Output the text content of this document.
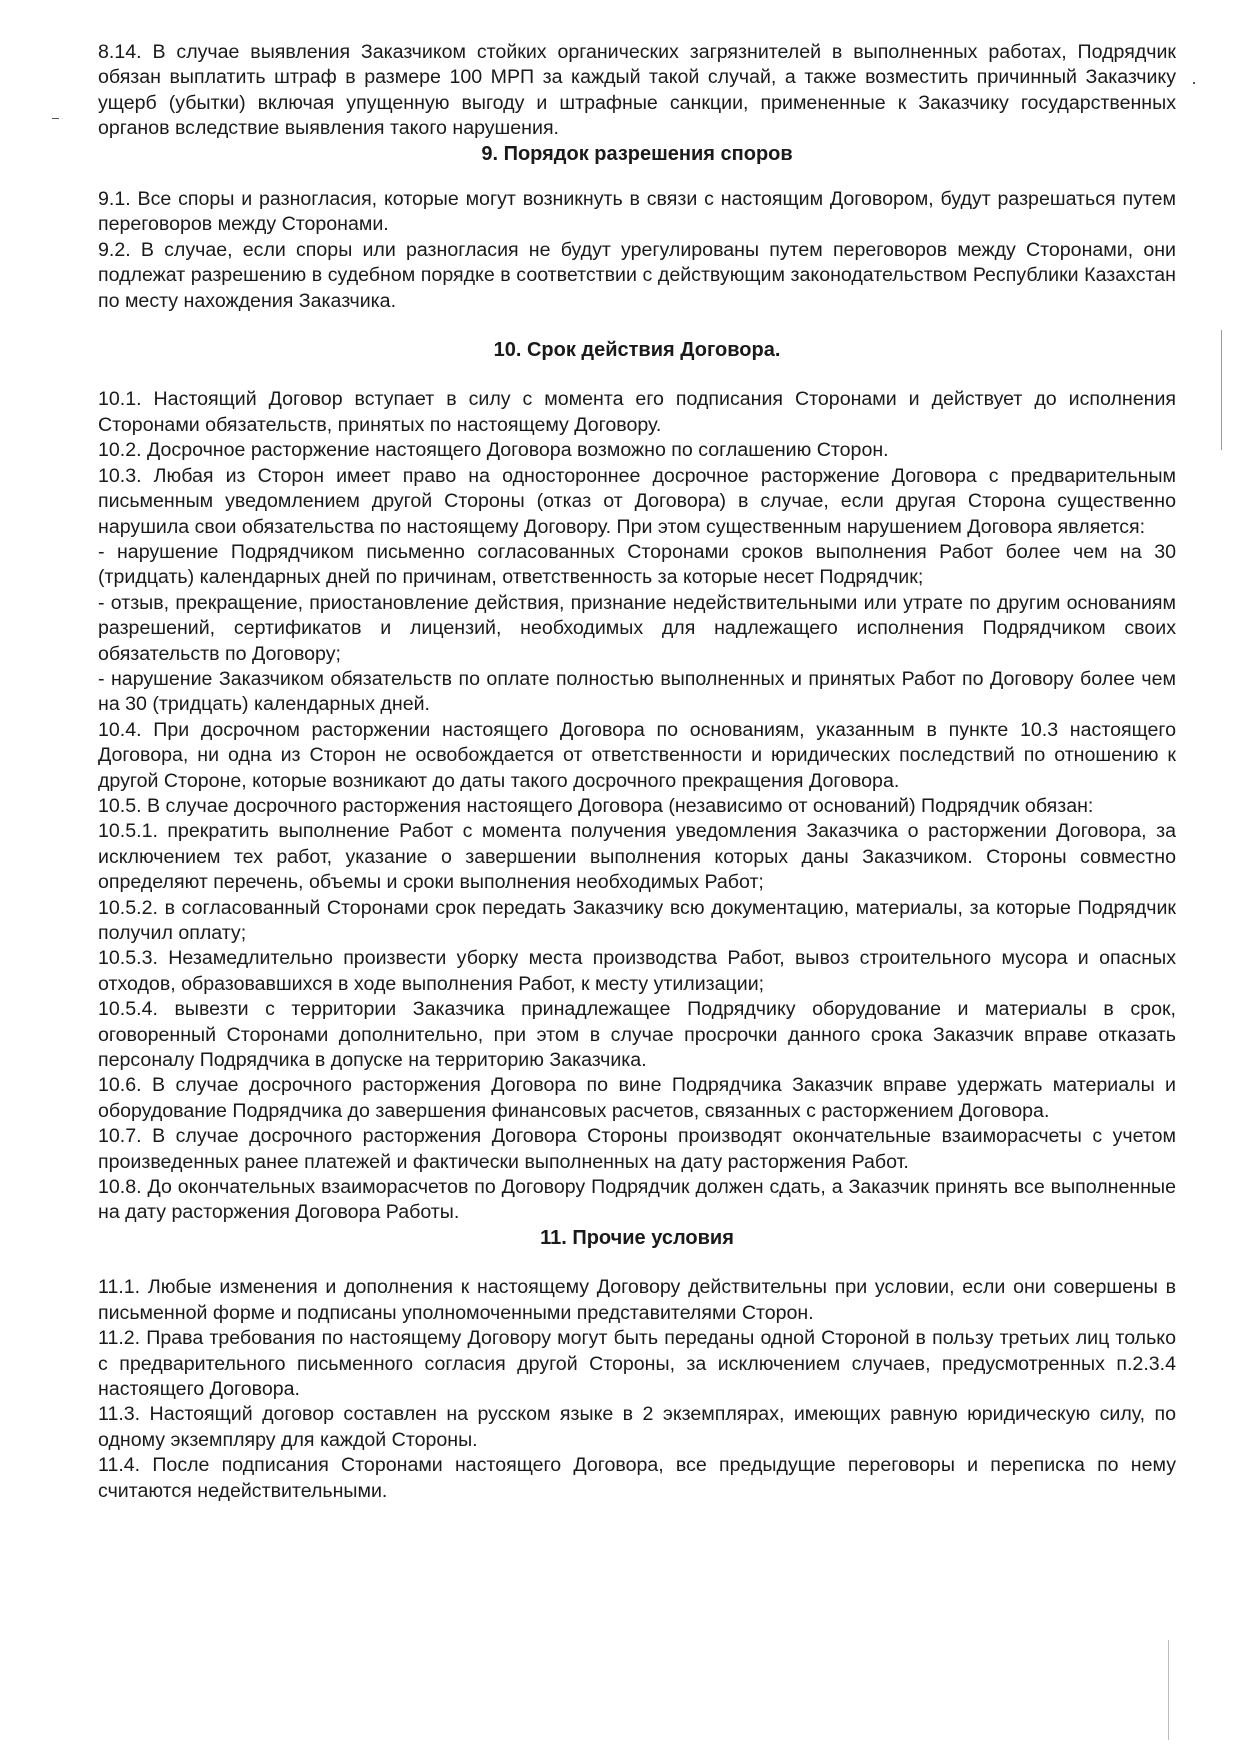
8.14. В случае выявления Заказчиком стойких органических загрязнителей в выполненных работах, Подрядчик обязан выплатить штраф в размере 100 МРП за каждый такой случай, а также возместить причинный Заказчику ущерб (убытки) включая упущенную выгоду и штрафные санкции, примененные к Заказчику государственных органов вследствие выявления такого нарушения.

9. Порядок разрешения споров

9.1. Все споры и разногласия, которые могут возникнуть в связи с настоящим Договором, будут разрешаться путем переговоров между Сторонами.

9.2. В случае, если споры или разногласия не будут урегулированы путем переговоров между Сторонами, они подлежат разрешению в судебном порядке в соответствии с действующим законодательством Республики Казахстан по месту нахождения Заказчика.

10. Срок действия Договора.

10.1. Настоящий Договор вступает в силу с момента его подписания Сторонами и действует до исполнения Сторонами обязательств, принятых по настоящему Договору.

10.2. Досрочное расторжение настоящего Договора возможно по соглашению Сторон.

10.3. Любая из Сторон имеет право на одностороннее досрочное расторжение Договора с предварительным письменным уведомлением другой Стороны (отказ от Договора) в случае, если другая Сторона существенно нарушила свои обязательства по настоящему Договору. При этом существенным нарушением Договора является:

- нарушение Подрядчиком письменно согласованных Сторонами сроков выполнения Работ более чем на 30 (тридцать) календарных дней по причинам, ответственность за которые несет Подрядчик;

- отзыв, прекращение, приостановление действия, признание недействительными или утрате по другим основаниям разрешений, сертификатов и лицензий, необходимых для надлежащего исполнения Подрядчиком своих обязательств по Договору;

- нарушение Заказчиком обязательств по оплате полностью выполненных и принятых Работ по Договору более чем на 30 (тридцать) календарных дней.

10.4. При досрочном расторжении настоящего Договора по основаниям, указанным в пункте 10.3 настоящего Договора, ни одна из Сторон не освобождается от ответственности и юридических последствий по отношению к другой Стороне, которые возникают до даты такого досрочного прекращения Договора.

10.5. В случае досрочного расторжения настоящего Договора (независимо от оснований) Подрядчик обязан:

10.5.1. прекратить выполнение Работ с момента получения уведомления Заказчика о расторжении Договора, за исключением тех работ, указание о завершении выполнения которых даны Заказчиком. Стороны совместно определяют перечень, объемы и сроки выполнения необходимых Работ;

10.5.2. в согласованный Сторонами срок передать Заказчику всю документацию, материалы, за которые Подрядчик получил оплату;

10.5.3. Незамедлительно произвести уборку места производства Работ, вывоз строительного мусора и опасных отходов, образовавшихся в ходе выполнения Работ, к месту утилизации;

10.5.4. вывезти с территории Заказчика принадлежащее Подрядчику оборудование и материалы в срок, оговоренный Сторонами дополнительно, при этом в случае просрочки данного срока Заказчик вправе отказать персоналу Подрядчика в допуске на территорию Заказчика.

10.6. В случае досрочного расторжения Договора по вине Подрядчика Заказчик вправе удержать материалы и оборудование Подрядчика до завершения финансовых расчетов, связанных с расторжением Договора.

10.7. В случае досрочного расторжения Договора Стороны производят окончательные взаиморасчеты с учетом произведенных ранее платежей и фактически выполненных на дату расторжения Работ.

10.8. До окончательных взаиморасчетов по Договору Подрядчик должен сдать, а Заказчик принять все выполненные на дату расторжения Договора Работы.

11. Прочие условия

11.1. Любые изменения и дополнения к настоящему Договору действительны при условии, если они совершены в письменной форме и подписаны уполномоченными представителями Сторон.

11.2. Права требования по настоящему Договору могут быть переданы одной Стороной в пользу третьих лиц только с предварительного письменного согласия другой Стороны, за исключением случаев, предусмотренных п.2.3.4 настоящего Договора.

11.3. Настоящий договор составлен на русском языке в 2 экземплярах, имеющих равную юридическую силу, по одному экземпляру для каждой Стороны.

11.4. После подписания Сторонами настоящего Договора, все предыдущие переговоры и переписка по нему считаются недействительными.
